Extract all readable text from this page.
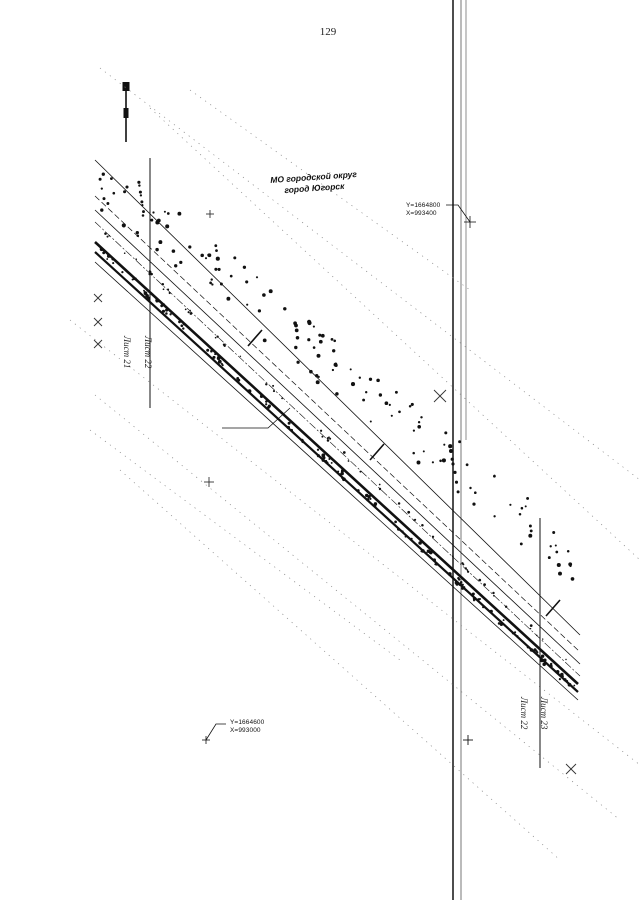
129
МО городской округ
город Югорск
Y=1664800
X=993400
Y=1664600
X=993000
Лист 21 Лист 22
Лист 22 Лист 23
